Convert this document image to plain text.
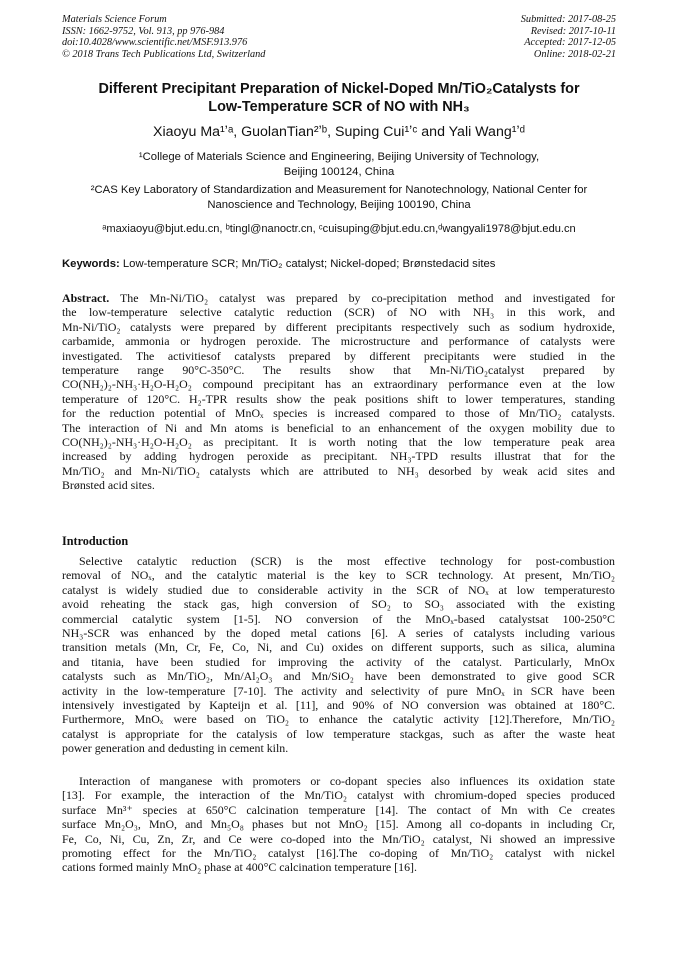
Materials Science Forum
ISSN: 1662-9752, Vol. 913, pp 976-984
doi:10.4028/www.scientific.net/MSF.913.976
© 2018 Trans Tech Publications Ltd, Switzerland
Submitted: 2017-08-25
Revised: 2017-10-11
Accepted: 2017-12-05
Online: 2018-02-21
Different Precipitant Preparation of Nickel-Doped Mn/TiO₂Catalysts for
Low-Temperature SCR of NO with NH₃
Xiaoyu Ma¹ʼᵃ, GuolanTian²ʼᵇ, Suping Cui¹ʼᶜ and Yali Wang¹ʼᵈ
¹College of Materials Science and Engineering, Beijing University of Technology,
Beijing 100124, China
²CAS Key Laboratory of Standardization and Measurement for Nanotechnology, National Center for
Nanoscience and Technology, Beijing 100190, China
ᵃmaxiaoyu@bjut.edu.cn, ᵇtingl@nanoctr.cn, ᶜcuisuping@bjut.edu.cn,ᵈwangyali1978@bjut.edu.cn
Keywords: Low-temperature SCR; Mn/TiO₂ catalyst; Nickel-doped; Brønstedacid sites
Abstract. The Mn-Ni/TiO₂ catalyst was prepared by co-precipitation method and investigated for
the low-temperature selective catalytic reduction (SCR) of NO with NH₃ in this work, and
Mn-Ni/TiO₂ catalysts were prepared by different precipitants respectively such as sodium hydroxide,
carbamide, ammonia or hydrogen peroxide. The microstructure and performance of catalysts were
investigated. The activitiesof catalysts prepared by different precipitants were studied in the
temperature range 90°C-350°C. The results show that Mn-Ni/TiO₂catalyst prepared by
CO(NH₂)₂-NH₃·H₂O-H₂O₂ compound precipitant has an extraordinary performance even at the low
temperature of 120°C. H₂-TPR results show the peak positions shift to lower temperatures, standing
for the reduction potential of MnOₓ species is increased compared to those of Mn/TiO₂ catalysts.
The interaction of Ni and Mn atoms is beneficial to an enhancement of the oxygen mobility due to
CO(NH₂)₂-NH₃·H₂O-H₂O₂ as precipitant. It is worth noting that the low temperature peak area
increased by adding hydrogen peroxide as precipitant. NH₃-TPD results illustrat that for the
Mn/TiO₂ and Mn-Ni/TiO₂ catalysts which are attributed to NH₃ desorbed by weak acid sites and
Brønsted acid sites.
Introduction
Selective catalytic reduction (SCR) is the most effective technology for post-combustion
removal of NOₓ, and the catalytic material is the key to SCR technology. At present, Mn/TiO₂
catalyst is widely studied due to considerable activity in the SCR of NOₓ at low temperaturesto
avoid reheating the stack gas, high conversion of SO₂ to SO₃ associated with the existing
commercial catalytic system [1-5]. NO conversion of the MnOₓ-based catalystsat 100-250°C
NH₃-SCR was enhanced by the doped metal cations [6]. A series of catalysts including various
transition metals (Mn, Cr, Fe, Co, Ni, and Cu) oxides on different supports, such as silica, alumina
and titania, have been studied for improving the activity of the catalyst. Particularly, MnOx
catalysts such as Mn/TiO₂, Mn/Al₂O₃ and Mn/SiO₂ have been demonstrated to give good SCR
activity in the low-temperature [7-10]. The activity and selectivity of pure MnOₓ in SCR have been
intensively investigated by Kapteijn et al. [11], and 90% of NO conversion was obtained at 180°C.
Furthermore, MnOₓ were based on TiO₂ to enhance the catalytic activity [12].Therefore, Mn/TiO₂
catalyst is appropriate for the catalysis of low temperature stackgas, such as after the waste heat
power generation and dedusting in cement kiln.
Interaction of manganese with promoters or co-dopant species also influences its oxidation state
[13]. For example, the interaction of the Mn/TiO₂ catalyst with chromium-doped species produced
surface Mn³⁺ species at 650°C calcination temperature [14]. The contact of Mn with Ce creates
surface Mn₂O₃, MnO, and Mn₅O₈ phases but not MnO₂ [15]. Among all co-dopants in including Cr,
Fe, Co, Ni, Cu, Zn, Zr, and Ce were co-doped into the Mn/TiO₂ catalyst, Ni showed an impressive
promoting effect for the Mn/TiO₂ catalyst [16].The co-doping of Mn/TiO₂ catalyst with nickel
cations formed mainly MnO₂ phase at 400°C calcination temperature [16].
